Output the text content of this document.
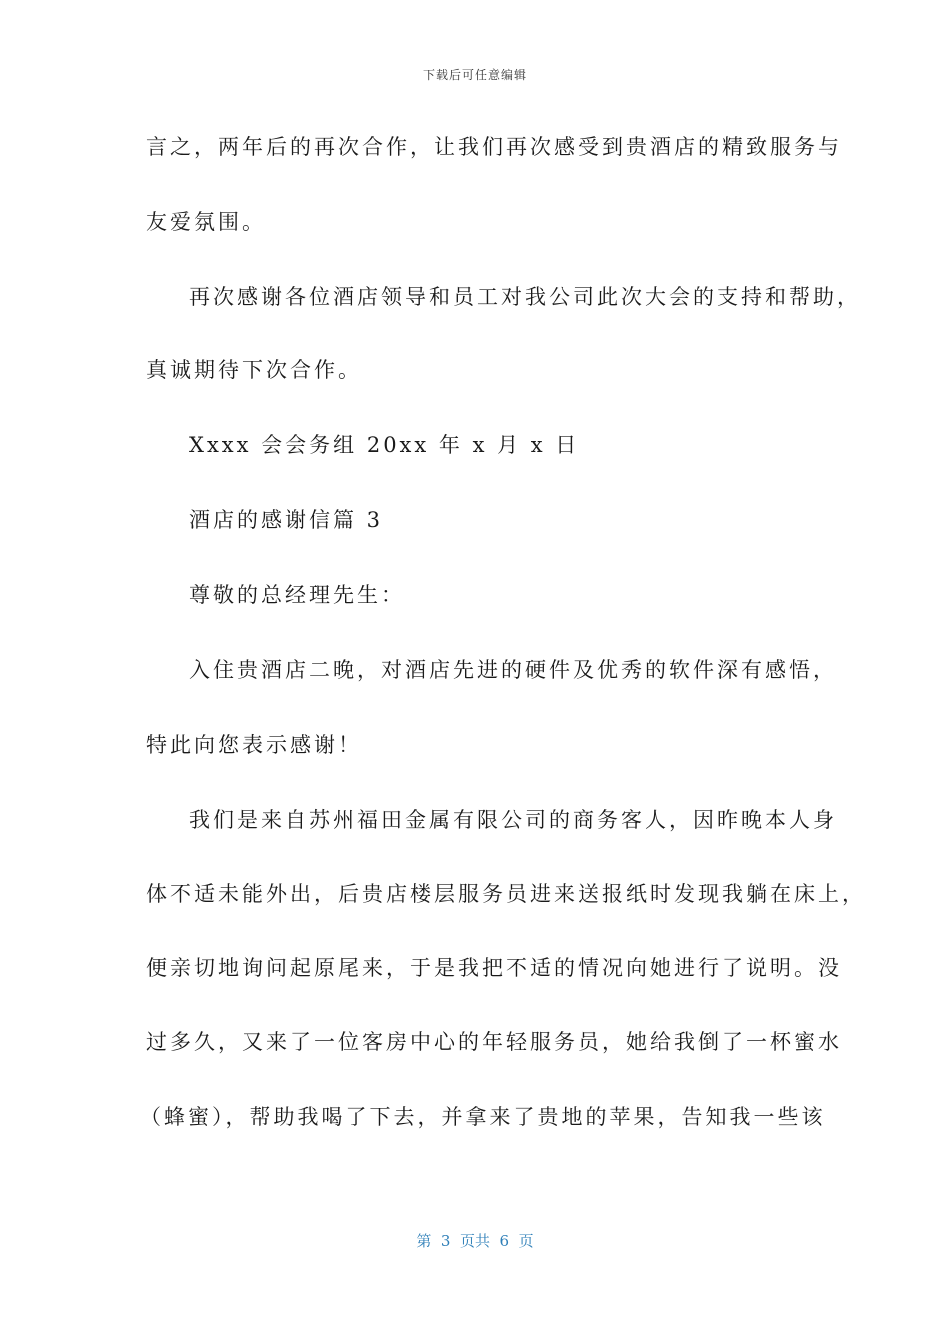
下载后可任意编辑
言之，两年后的再次合作，让我们再次感受到贵酒店的精致服务与
友爱氛围。
再次感谢各位酒店领导和员工对我公司此次大会的支持和帮助，
真诚期待下次合作。
Xxxx 会会务组 20xx 年 x 月 x 日
酒店的感谢信篇 3
尊敬的总经理先生：
入住贵酒店二晚，对酒店先进的硬件及优秀的软件深有感悟，
特此向您表示感谢！
我们是来自苏州福田金属有限公司的商务客人，因昨晚本人身
体不适未能外出，后贵店楼层服务员进来送报纸时发现我躺在床上，
便亲切地询问起原尾来，于是我把不适的情况向她进行了说明。没
过多久，又来了一位客房中心的年轻服务员，她给我倒了一杯蜜水
（蜂蜜），帮助我喝了下去，并拿来了贵地的苹果，告知我一些该
第  3  页共  6  页
